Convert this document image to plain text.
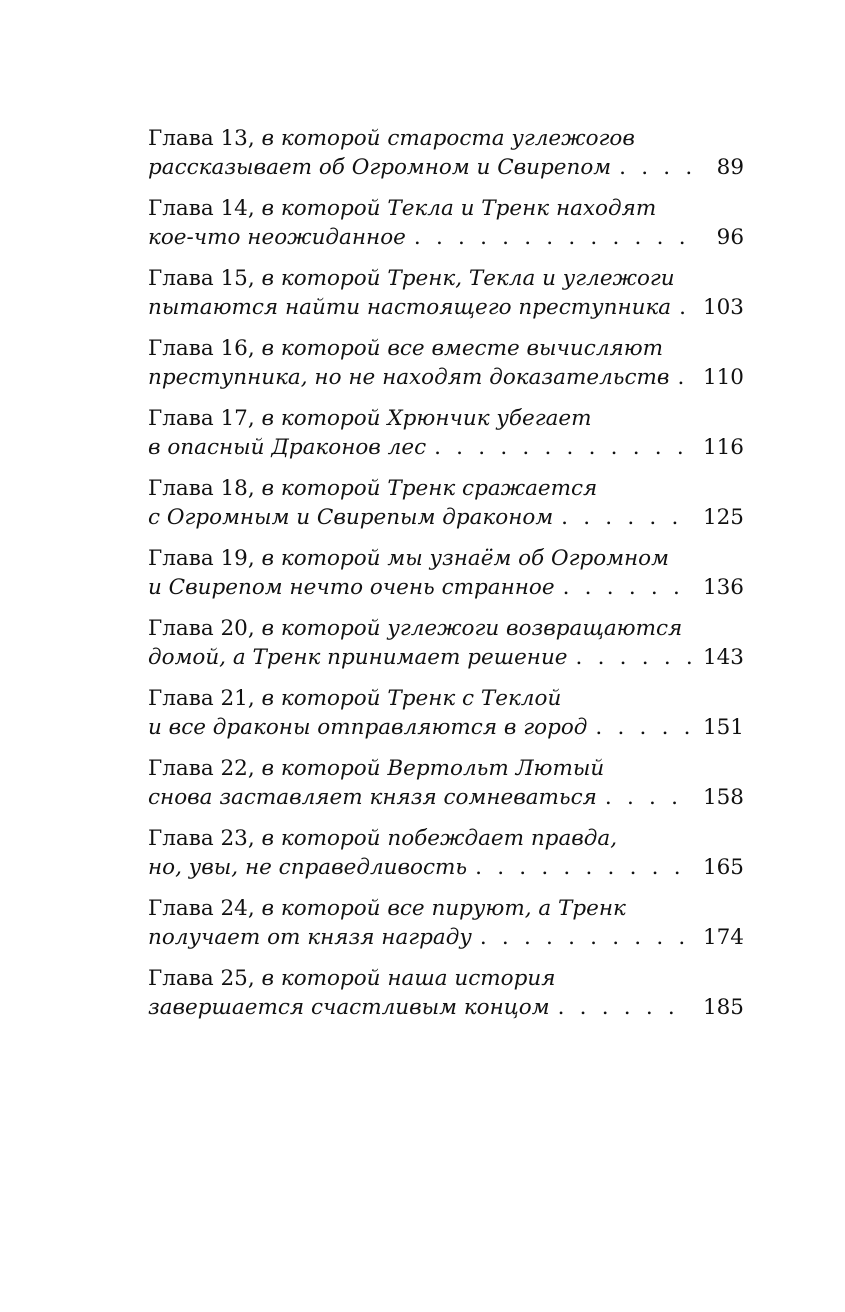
Глава 13, в которой староста углежогов
рассказывает об Огромном и Свирепом . . .	89
Глава 14, в которой Текла и Тренк находят
кое-что неожиданное . . .	96
Глава 15, в которой Тренк, Текла и углежоги
пытаются найти настоящего преступника . . .	103
Глава 16, в которой все вместе вычисляют
преступника, но не находят доказательств . . .	110
Глава 17, в которой Хрюнчик убегает
в опасный Драконов лес . . .	116
Глава 18, в которой Тренк сражается
с Огромным и Свирепым драконом . . .	125
Глава 19, в которой мы узнаём об Огромном
и Свирепом нечто очень странное . . .	136
Глава 20, в которой углежоги возвращаются
домой, а Тренк принимает решение . . .	143
Глава 21, в которой Тренк с Теклой
и все драконы отправляются в город . . .	151
Глава 22, в которой Вертольт Лютый
снова заставляет князя сомневаться . . .	158
Глава 23, в которой побеждает правда,
но, увы, не справедливость . . .	165
Глава 24, в которой все пируют, а Тренк
получает от князя награду . . .	174
Глава 25, в которой наша история
завершается счастливым концом . . .	185
